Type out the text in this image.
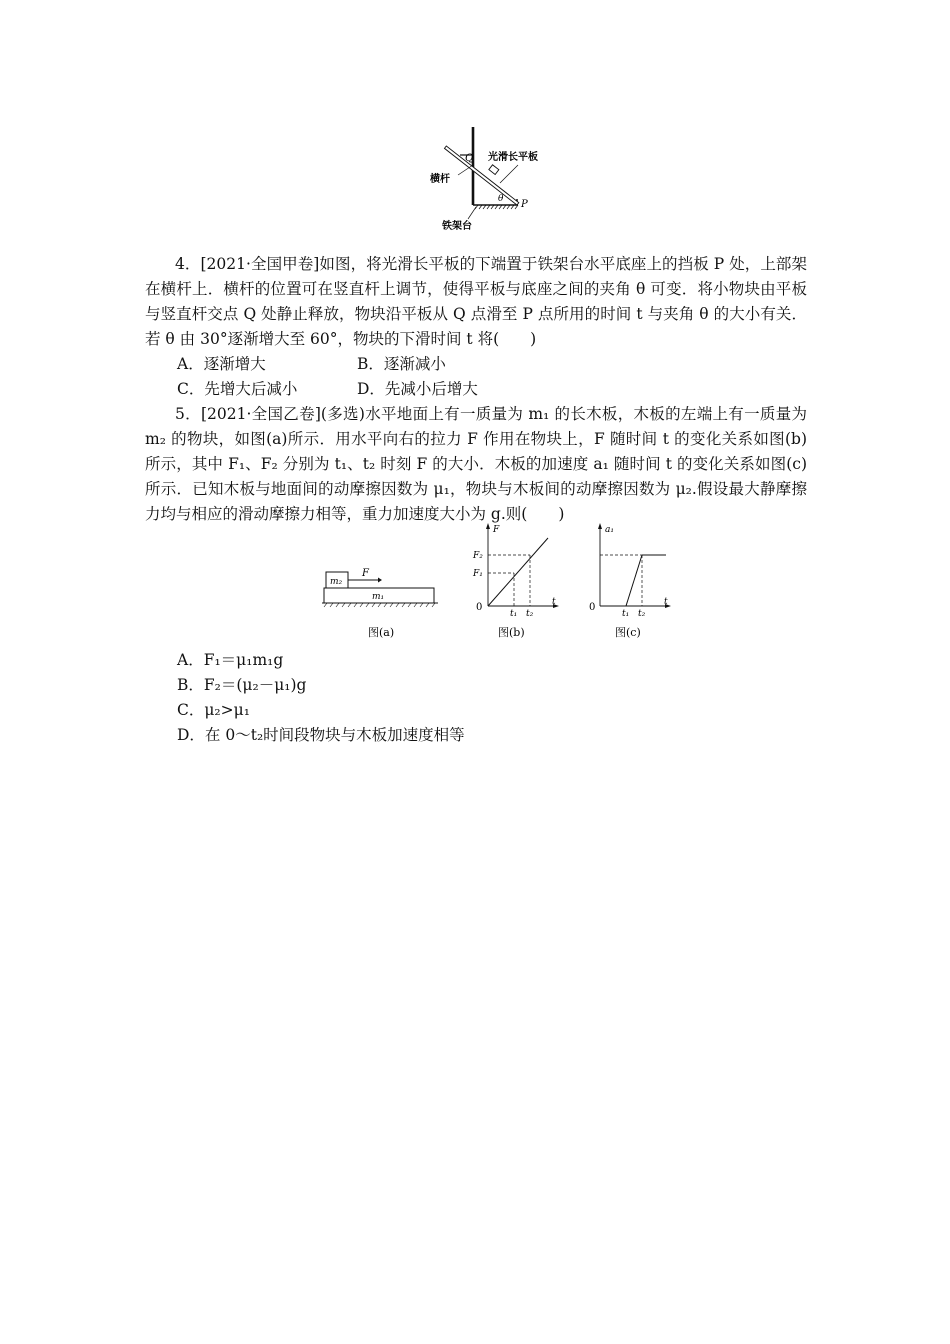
Q 光滑长平板
横杆
θ P
铁架台

4．[2021·全国甲卷]如图，将光滑长平板的下端置于铁架台水平底座上的挡板 P 处，上部架在横杆上．横杆的位置可在竖直杆上调节，使得平板与底座之间的夹角 θ 可变．将小物块由平板与竖直杆交点 Q 处静止释放，物块沿平板从 Q 点滑至 P 点所用的时间 t 与夹角 θ 的大小有关．若 θ 由 30°逐渐增大至 60°，物块的下滑时间 t 将(　　)

A．逐渐增大	B．逐渐减小
C．先增大后减小	D．先减小后增大

5．[2021·全国乙卷](多选)水平地面上有一质量为 m₁ 的长木板，木板的左端上有一质量为 m₂ 的物块，如图(a)所示．用水平向右的拉力 F 作用在物块上，F 随时间 t 的变化关系如图(b)所示，其中 F₁、F₂ 分别为 t₁、t₂ 时刻 F 的大小．木板的加速度 a₁ 随时间 t 的变化关系如图(c)所示．已知木板与地面间的动摩擦因数为 μ₁，物块与木板间的动摩擦因数为 μ₂.假设最大静摩擦力均与相应的滑动摩擦力相等，重力加速度大小为 g.则(　　)

m₂
F
m₁
图(a)
F
F₂
F₁
0
t₁ t₂
t
图(b)
a₁
0
t₁ t₂
t
图(c)
A．F₁＝μ₁m₁g
B．F₂＝(μ₂－μ₁)g
C．μ₂>μ₁
D．在 0～t₂时间段物块与木板加速度相等
